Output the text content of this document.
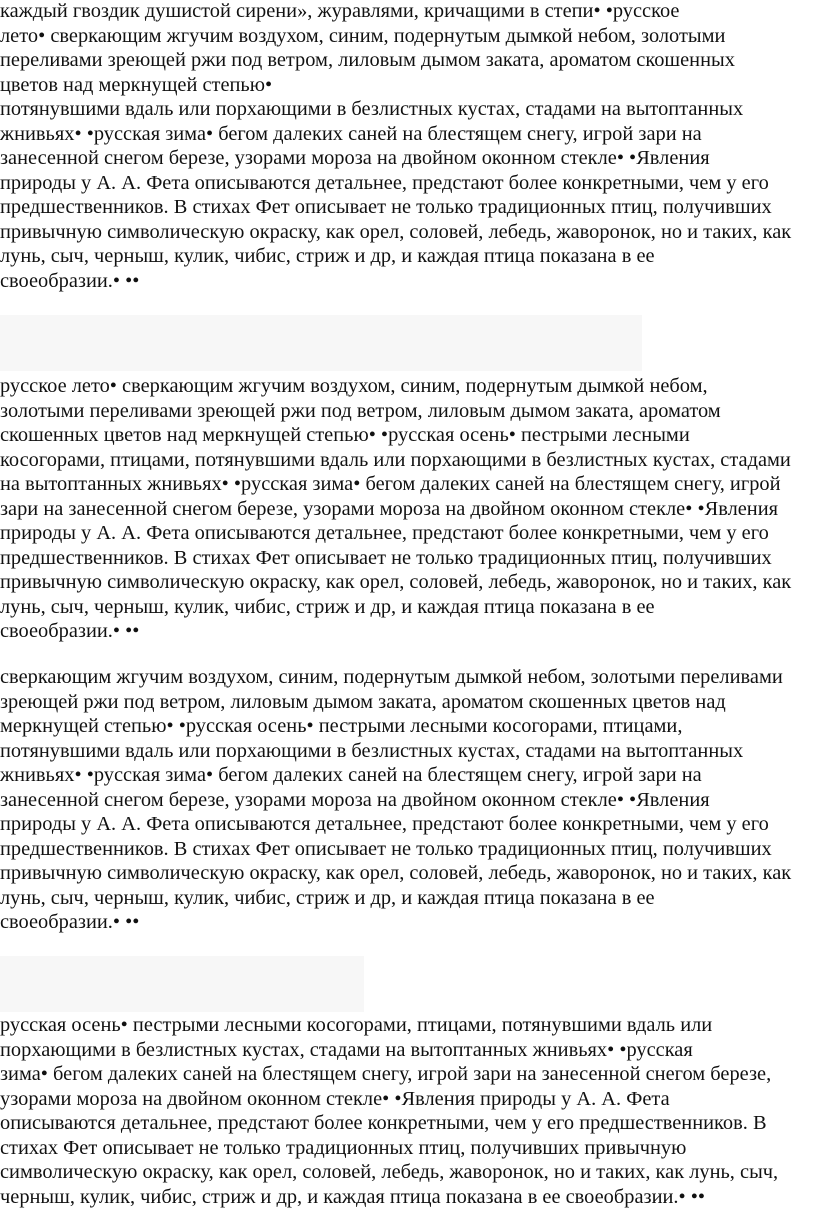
каждый гвоздик душистой сирени», журавлями, кричащими в степи• •русское
лето• сверкающим жгучим воздухом, синим, подернутым дымкой небом, золотыми
переливами зреющей ржи под ветром, лиловым дымом заката, ароматом скошенных
цветов над меркнущей степью•
потянувшими вдаль или порхающими в безлистных кустах, стадами на вытоптанных
жнивьях• •русская зима• бегом далеких саней на блестящем снегу, игрой зари на
занесенной снегом березе, узорами мороза на двойном оконном стекле• •Явления
природы у А. А. Фета описываются детальнее, предстают более конкретными, чем у его
предшественников. В стихах Фет описывает не только традиционных птиц, получивших
привычную символическую окраску, как орел, соловей, лебедь, жаворонок, но и таких, как
лунь, сыч, черныш, кулик, чибис, стриж и др, и каждая птица показана в ее
своеобразии.• ••
русское лето• сверкающим жгучим воздухом, синим, подернутым дымкой небом,
золотыми переливами зреющей ржи под ветром, лиловым дымом заката, ароматом
скошенных цветов над меркнущей степью• •русская осень• пестрыми лесными
косогорами, птицами, потянувшими вдаль или порхающими в безлистных кустах, стадами
на вытоптанных жнивьях• •русская зима• бегом далеких саней на блестящем снегу, игрой
зари на занесенной снегом березе, узорами мороза на двойном оконном стекле• •Явления
природы у А. А. Фета описываются детальнее, предстают более конкретными, чем у его
предшественников. В стихах Фет описывает не только традиционных птиц, получивших
привычную символическую окраску, как орел, соловей, лебедь, жаворонок, но и таких, как
лунь, сыч, черныш, кулик, чибис, стриж и др, и каждая птица показана в ее
своеобразии.• ••
сверкающим жгучим воздухом, синим, подернутым дымкой небом, золотыми переливами
зреющей ржи под ветром, лиловым дымом заката, ароматом скошенных цветов над
меркнущей степью• •русская осень• пестрыми лесными косогорами, птицами,
потянувшими вдаль или порхающими в безлистных кустах, стадами на вытоптанных
жнивьях• •русская зима• бегом далеких саней на блестящем снегу, игрой зари на
занесенной снегом березе, узорами мороза на двойном оконном стекле• •Явления
природы у А. А. Фета описываются детальнее, предстают более конкретными, чем у его
предшественников. В стихах Фет описывает не только традиционных птиц, получивших
привычную символическую окраску, как орел, соловей, лебедь, жаворонок, но и таких, как
лунь, сыч, черныш, кулик, чибис, стриж и др, и каждая птица показана в ее
своеобразии.• ••
русская осень• пестрыми лесными косогорами, птицами, потянувшими вдаль или
порхающими в безлистных кустах, стадами на вытоптанных жнивьях• •русская
зима• бегом далеких саней на блестящем снегу, игрой зари на занесенной снегом березе,
узорами мороза на двойном оконном стекле• •Явления природы у А. А. Фета
описываются детальнее, предстают более конкретными, чем у его предшественников. В
стихах Фет описывает не только традиционных птиц, получивших привычную
символическую окраску, как орел, соловей, лебедь, жаворонок, но и таких, как лунь, сыч,
черныш, кулик, чибис, стриж и др, и каждая птица показана в ее своеобразии.• ••
